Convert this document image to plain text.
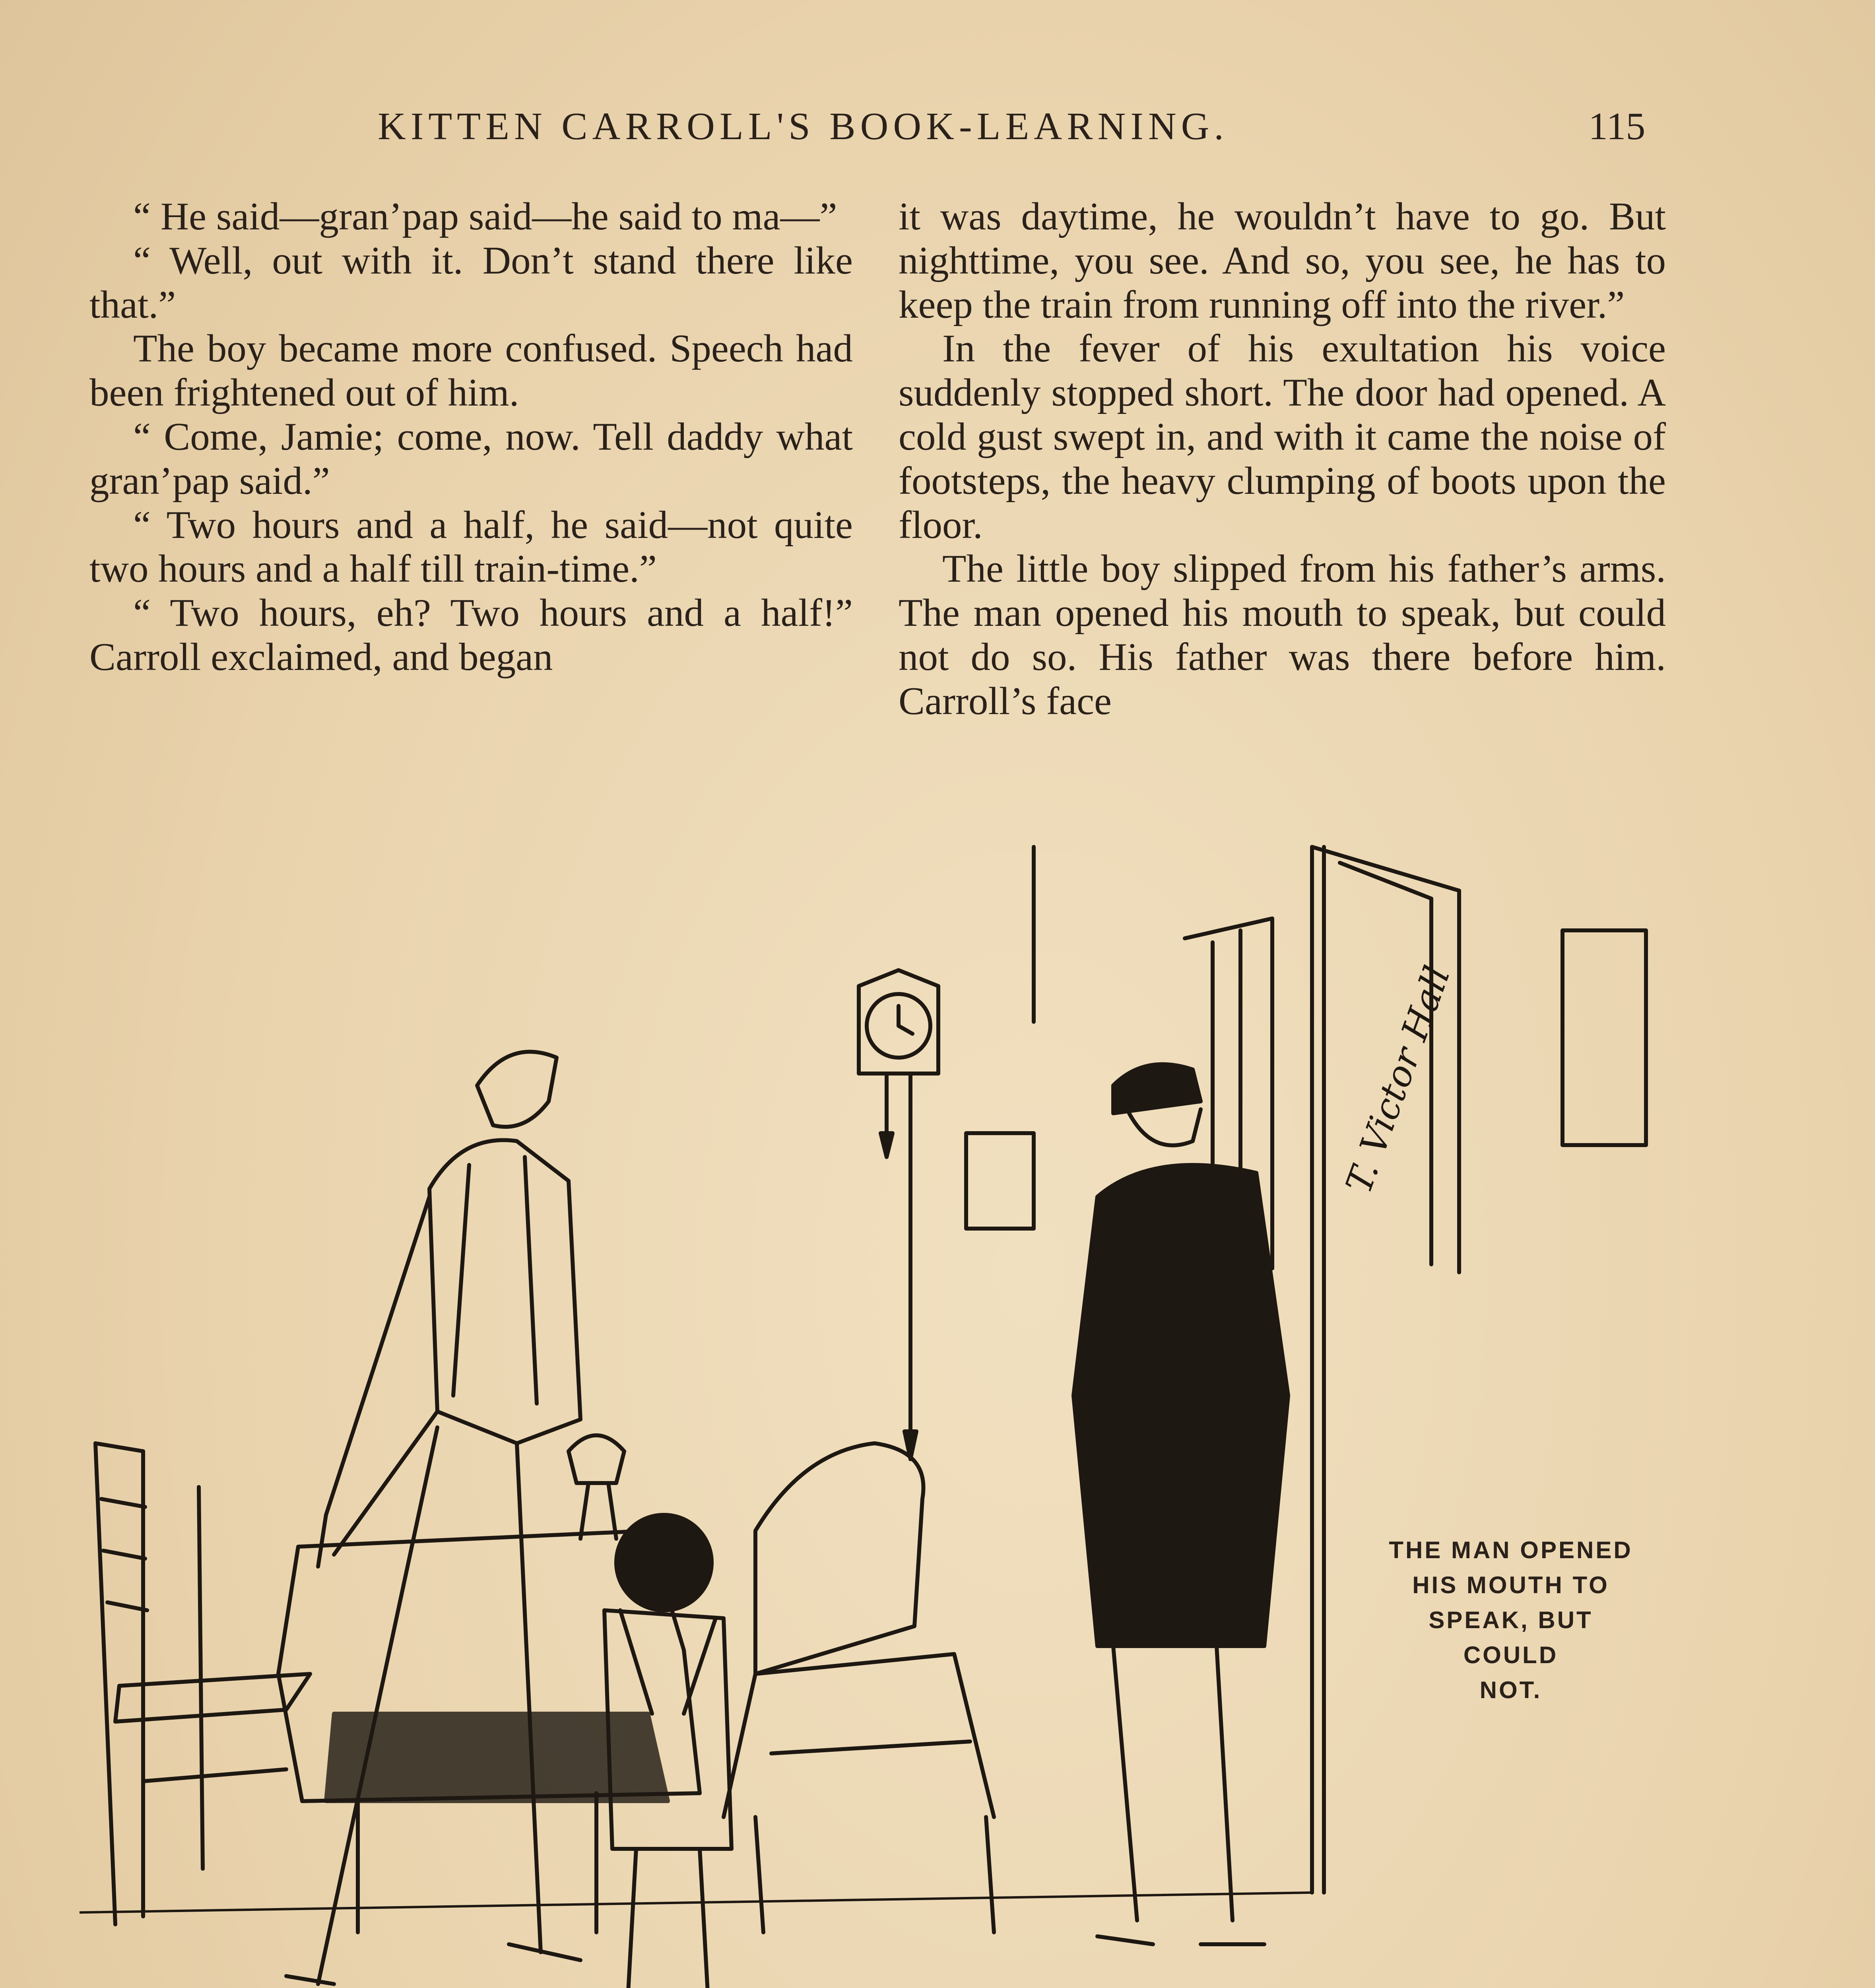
KITTEN CARROLL'S BOOK-LEARNING.	115

“ He said—gran’pap said—he said to ma—”

“ Well, out with it. Don’t stand there like that.”

The boy became more confused. Speech had been frightened out of him.

“ Come, Jamie; come, now. Tell daddy what gran’pap said.”

“ Two hours and a half, he said—not quite two hours and a half till train-time.”

“ Two hours, eh? Two hours and a half!” Carroll exclaimed, and began

it was daytime, he wouldn’t have to go. But nighttime, you see. And so, you see, he has to keep the train from running off into the river.”

In the fever of his exultation his voice suddenly stopped short. The door had opened. A cold gust swept in, and with it came the noise of footsteps, the heavy clumping of boots upon the floor.

The little boy slipped from his father’s arms. The man opened his mouth to speak, but could not do so. His father was there before him. Carroll’s face

T. Victor Hall
THE MAN OPENED
HIS MOUTH TO
SPEAK, BUT
COULD
NOT.
